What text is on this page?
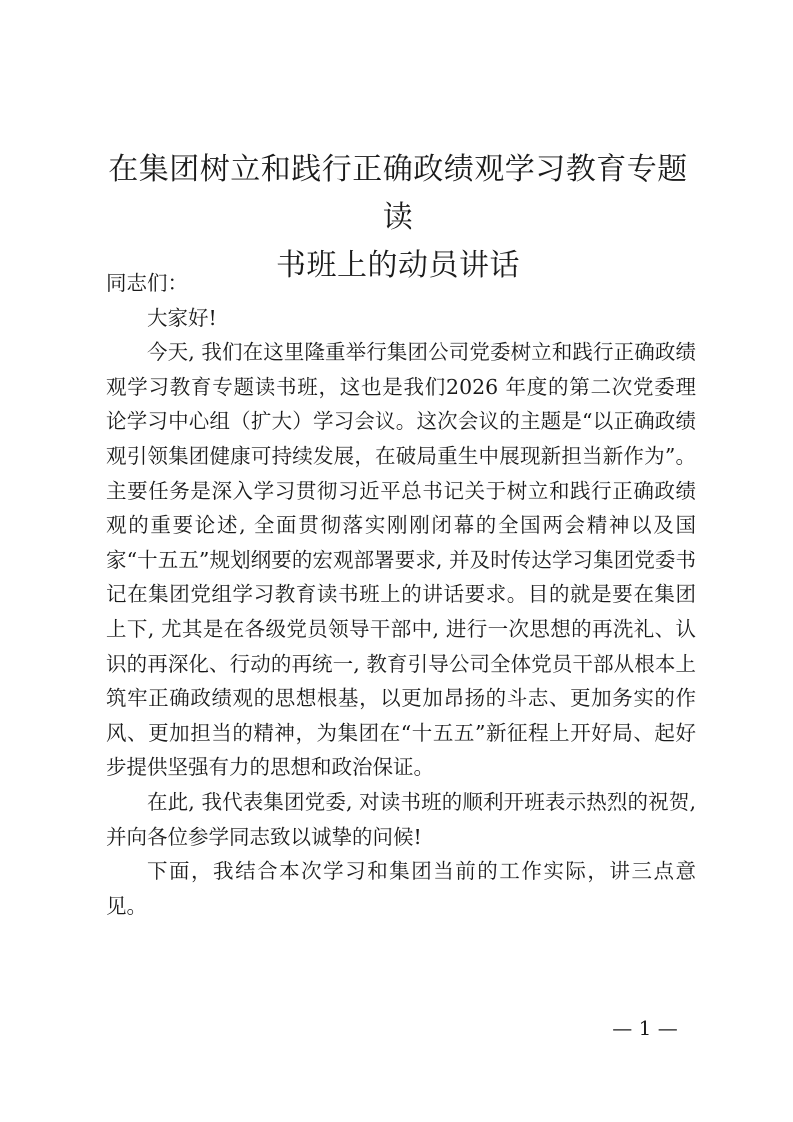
在集团树立和践行正确政绩观学习教育专题读
书班上的动员讲话

同志们：

大家好!

今天, 我们在这里隆重举行集团公司党委树立和践行正确政绩观学习教育专题读书班，这也是我们2026 年度的第二次党委理论学习中心组（扩大）学习会议。这次会议的主题是“以正确政绩观引领集团健康可持续发展，在破局重生中展现新担当新作为”。主要任务是深入学习贯彻习近平总书记关于树立和践行正确政绩观的重要论述, 全面贯彻落实刚刚闭幕的全国两会精神以及国家“十五五”规划纲要的宏观部署要求, 并及时传达学习集团党委书记在集团党组学习教育读书班上的讲话要求。目的就是要在集团上下, 尤其是在各级党员领导干部中, 进行一次思想的再洗礼、认识的再深化、行动的再统一, 教育引导公司全体党员干部从根本上筑牢正确政绩观的思想根基，以更加昂扬的斗志、更加务实的作风、更加担当的精神，为集团在“十五五”新征程上开好局、起好步提供坚强有力的思想和政治保证。

在此, 我代表集团党委, 对读书班的顺利开班表示热烈的祝贺, 并向各位参学同志致以诚挚的问候!

下面，我结合本次学习和集团当前的工作实际，讲三点意见。

— 1 —
